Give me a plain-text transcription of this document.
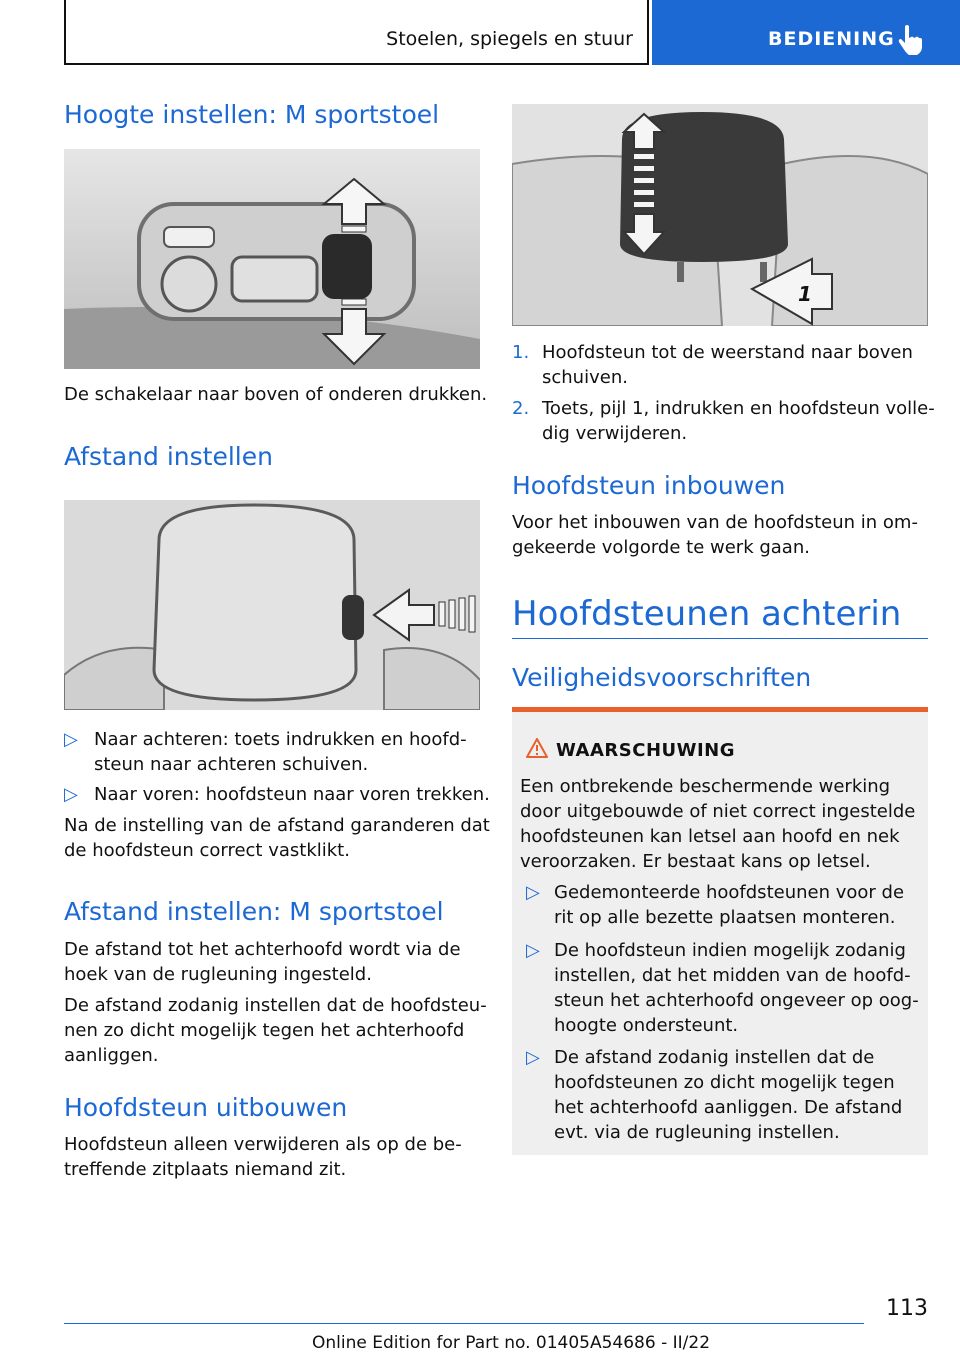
Stoelen, spiegels en stuur	BEDIENING
Hoogte instellen: M sportstoel
De schakelaar naar boven of onderen drukken.
Afstand instellen
▷ Naar achteren: toets indrukken en hoofd-
steun naar achteren schuiven.
▷ Naar voren: hoofdsteun naar voren trekken.
Na de instelling van de afstand garanderen dat
de hoofdsteun correct vastklikt.
Afstand instellen: M sportstoel
De afstand tot het achterhoofd wordt via de
hoek van de rugleuning ingesteld.
De afstand zodanig instellen dat de hoofdsteu-
nen zo dicht mogelijk tegen het achterhoofd
aanliggen.
Hoofdsteun uitbouwen
Hoofdsteun alleen verwijderen als op de be-
treffende zitplaats niemand zit.
1
1. Hoofdsteun tot de weerstand naar boven
schuiven.
2. Toets, pijl 1, indrukken en hoofdsteun volle-
dig verwijderen.
Hoofdsteun inbouwen
Voor het inbouwen van de hoofdsteun in om-
gekeerde volgorde te werk gaan.
Hoofdsteunen achterin
Veiligheidsvoorschriften
WAARSCHUWING
Een ontbrekende beschermende werking
door uitgebouwde of niet correct ingestelde
hoofdsteunen kan letsel aan hoofd en nek
veroorzaken. Er bestaat kans op letsel.
▷ Gedemonteerde hoofdsteunen voor de
rit op alle bezette plaatsen monteren.
▷ De hoofdsteun indien mogelijk zodanig
instellen, dat het midden van de hoofd-
steun het achterhoofd ongeveer op oog-
hoogte ondersteunt.
▷ De afstand zodanig instellen dat de
hoofdsteunen zo dicht mogelijk tegen
het achterhoofd aanliggen. De afstand
evt. via de rugleuning instellen.
113
Online Edition for Part no. 01405A54686 - II/22
